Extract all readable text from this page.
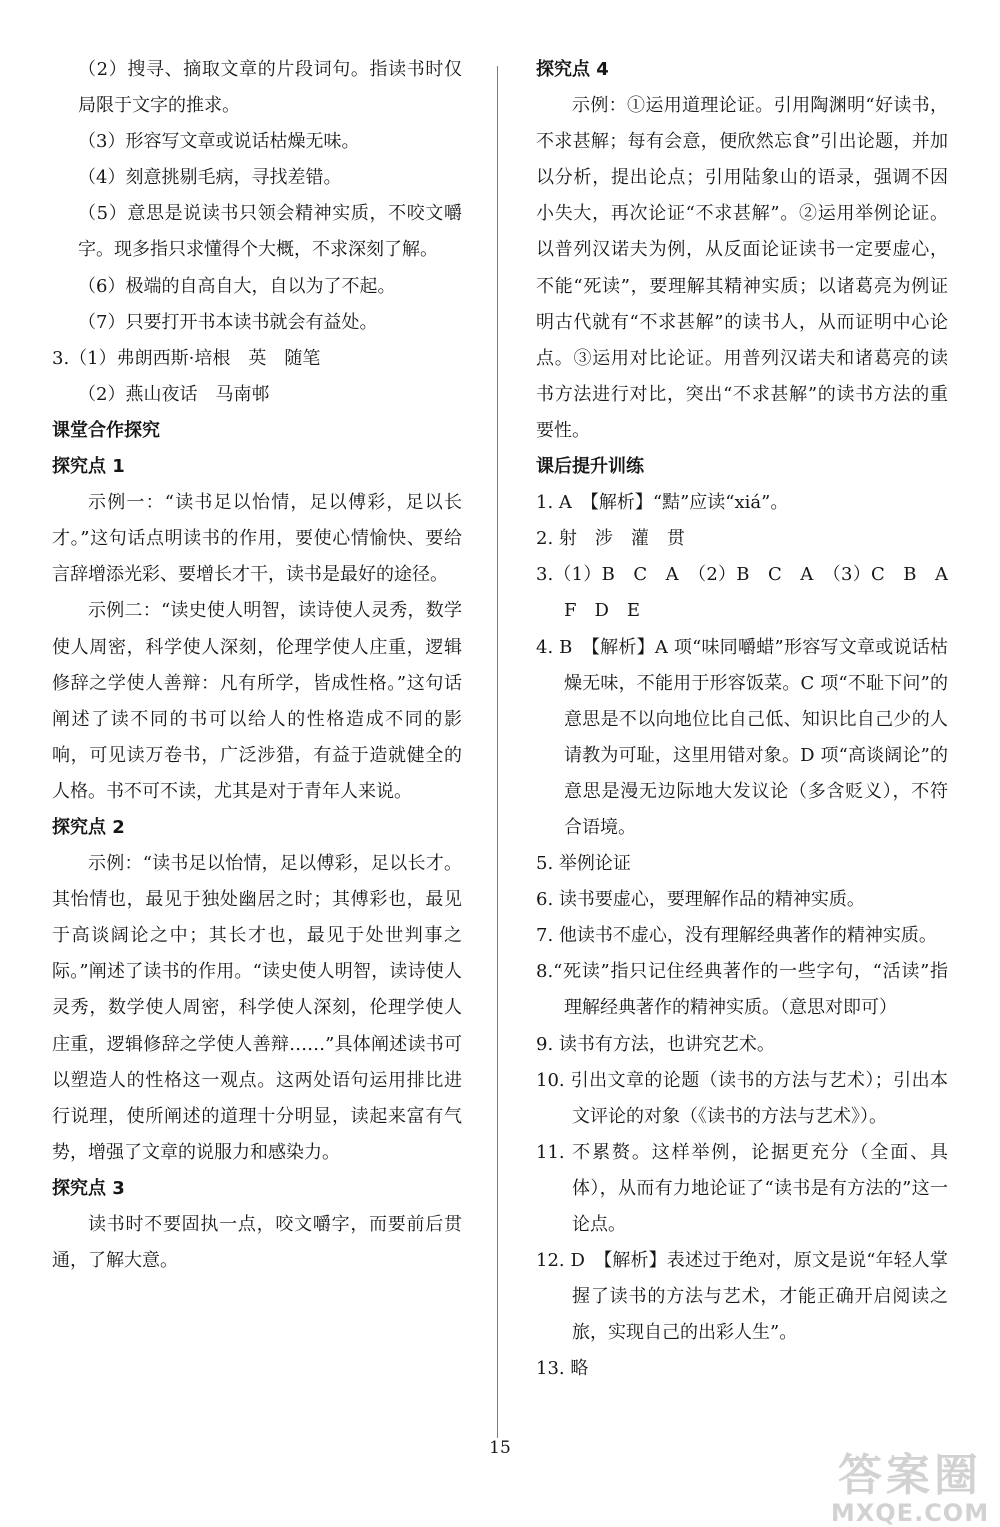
（2）搜寻、摘取文章的片段词句。指读书时仅局限于文字的推求。

（3）形容写文章或说话枯燥无味。

（4）刻意挑剔毛病，寻找差错。

（5）意思是说读书只领会精神实质，不咬文嚼字。现多指只求懂得个大概，不求深刻了解。

（6）极端的自高自大，自以为了不起。

（7）只要打开书本读书就会有益处。

3.（1）弗朗西斯·培根　英　随笔

（2）燕山夜话　马南邨

课堂合作探究

探究点 1

示例一：“读书足以怡情，足以傅彩，足以长才。”这句话点明读书的作用，要使心情愉快、要给言辞增添光彩、要增长才干，读书是最好的途径。

示例二：“读史使人明智，读诗使人灵秀，数学使人周密，科学使人深刻，伦理学使人庄重，逻辑修辞之学使人善辩：凡有所学，皆成性格。”这句话阐述了读不同的书可以给人的性格造成不同的影响，可见读万卷书，广泛涉猎，有益于造就健全的人格。书不可不读，尤其是对于青年人来说。

探究点 2

示例：“读书足以怡情，足以傅彩，足以长才。其怡情也，最见于独处幽居之时；其傅彩也，最见于高谈阔论之中；其长才也，最见于处世判事之际。”阐述了读书的作用。“读史使人明智，读诗使人灵秀，数学使人周密，科学使人深刻，伦理学使人庄重，逻辑修辞之学使人善辩……”具体阐述读书可以塑造人的性格这一观点。这两处语句运用排比进行说理，使所阐述的道理十分明显，读起来富有气势，增强了文章的说服力和感染力。

探究点 3

读书时不要固执一点，咬文嚼字，而要前后贯通，了解大意。

探究点 4

示例：①运用道理论证。引用陶渊明“好读书，不求甚解；每有会意，便欣然忘食”引出论题，并加以分析，提出论点；引用陆象山的语录，强调不因小失大，再次论证“不求甚解”。②运用举例论证。以普列汉诺夫为例，从反面论证读书一定要虚心，不能“死读”，要理解其精神实质；以诸葛亮为例证明古代就有“不求甚解”的读书人，从而证明中心论点。③运用对比论证。用普列汉诺夫和诸葛亮的读书方法进行对比，突出“不求甚解”的读书方法的重要性。

课后提升训练

1. A　【解析】“黠”应读“xiá”。

2. 射　涉　灌　贯

3.（1）B　C　A　（2）B　C　A　（3）C　B　A　F　D　E

4. B　【解析】A 项“味同嚼蜡”形容写文章或说话枯燥无味，不能用于形容饭菜。C 项“不耻下问”的意思是不以向地位比自己低、知识比自己少的人请教为可耻，这里用错对象。D 项“高谈阔论”的意思是漫无边际地大发议论（多含贬义），不符合语境。

5. 举例论证

6. 读书要虚心，要理解作品的精神实质。

7. 他读书不虚心，没有理解经典著作的精神实质。

8.“死读”指只记住经典著作的一些字句，“活读”指理解经典著作的精神实质。（意思对即可）

9. 读书有方法，也讲究艺术。

10. 引出文章的论题（读书的方法与艺术）；引出本文评论的对象（《读书的方法与艺术》）。

11. 不累赘。这样举例，论据更充分（全面、具体），从而有力地论证了“读书是有方法的”这一论点。

12. D　【解析】表述过于绝对，原文是说“年轻人掌握了读书的方法与艺术，才能正确开启阅读之旅，实现自己的出彩人生”。

13. 略

15
答案圈
MXQE.COM
